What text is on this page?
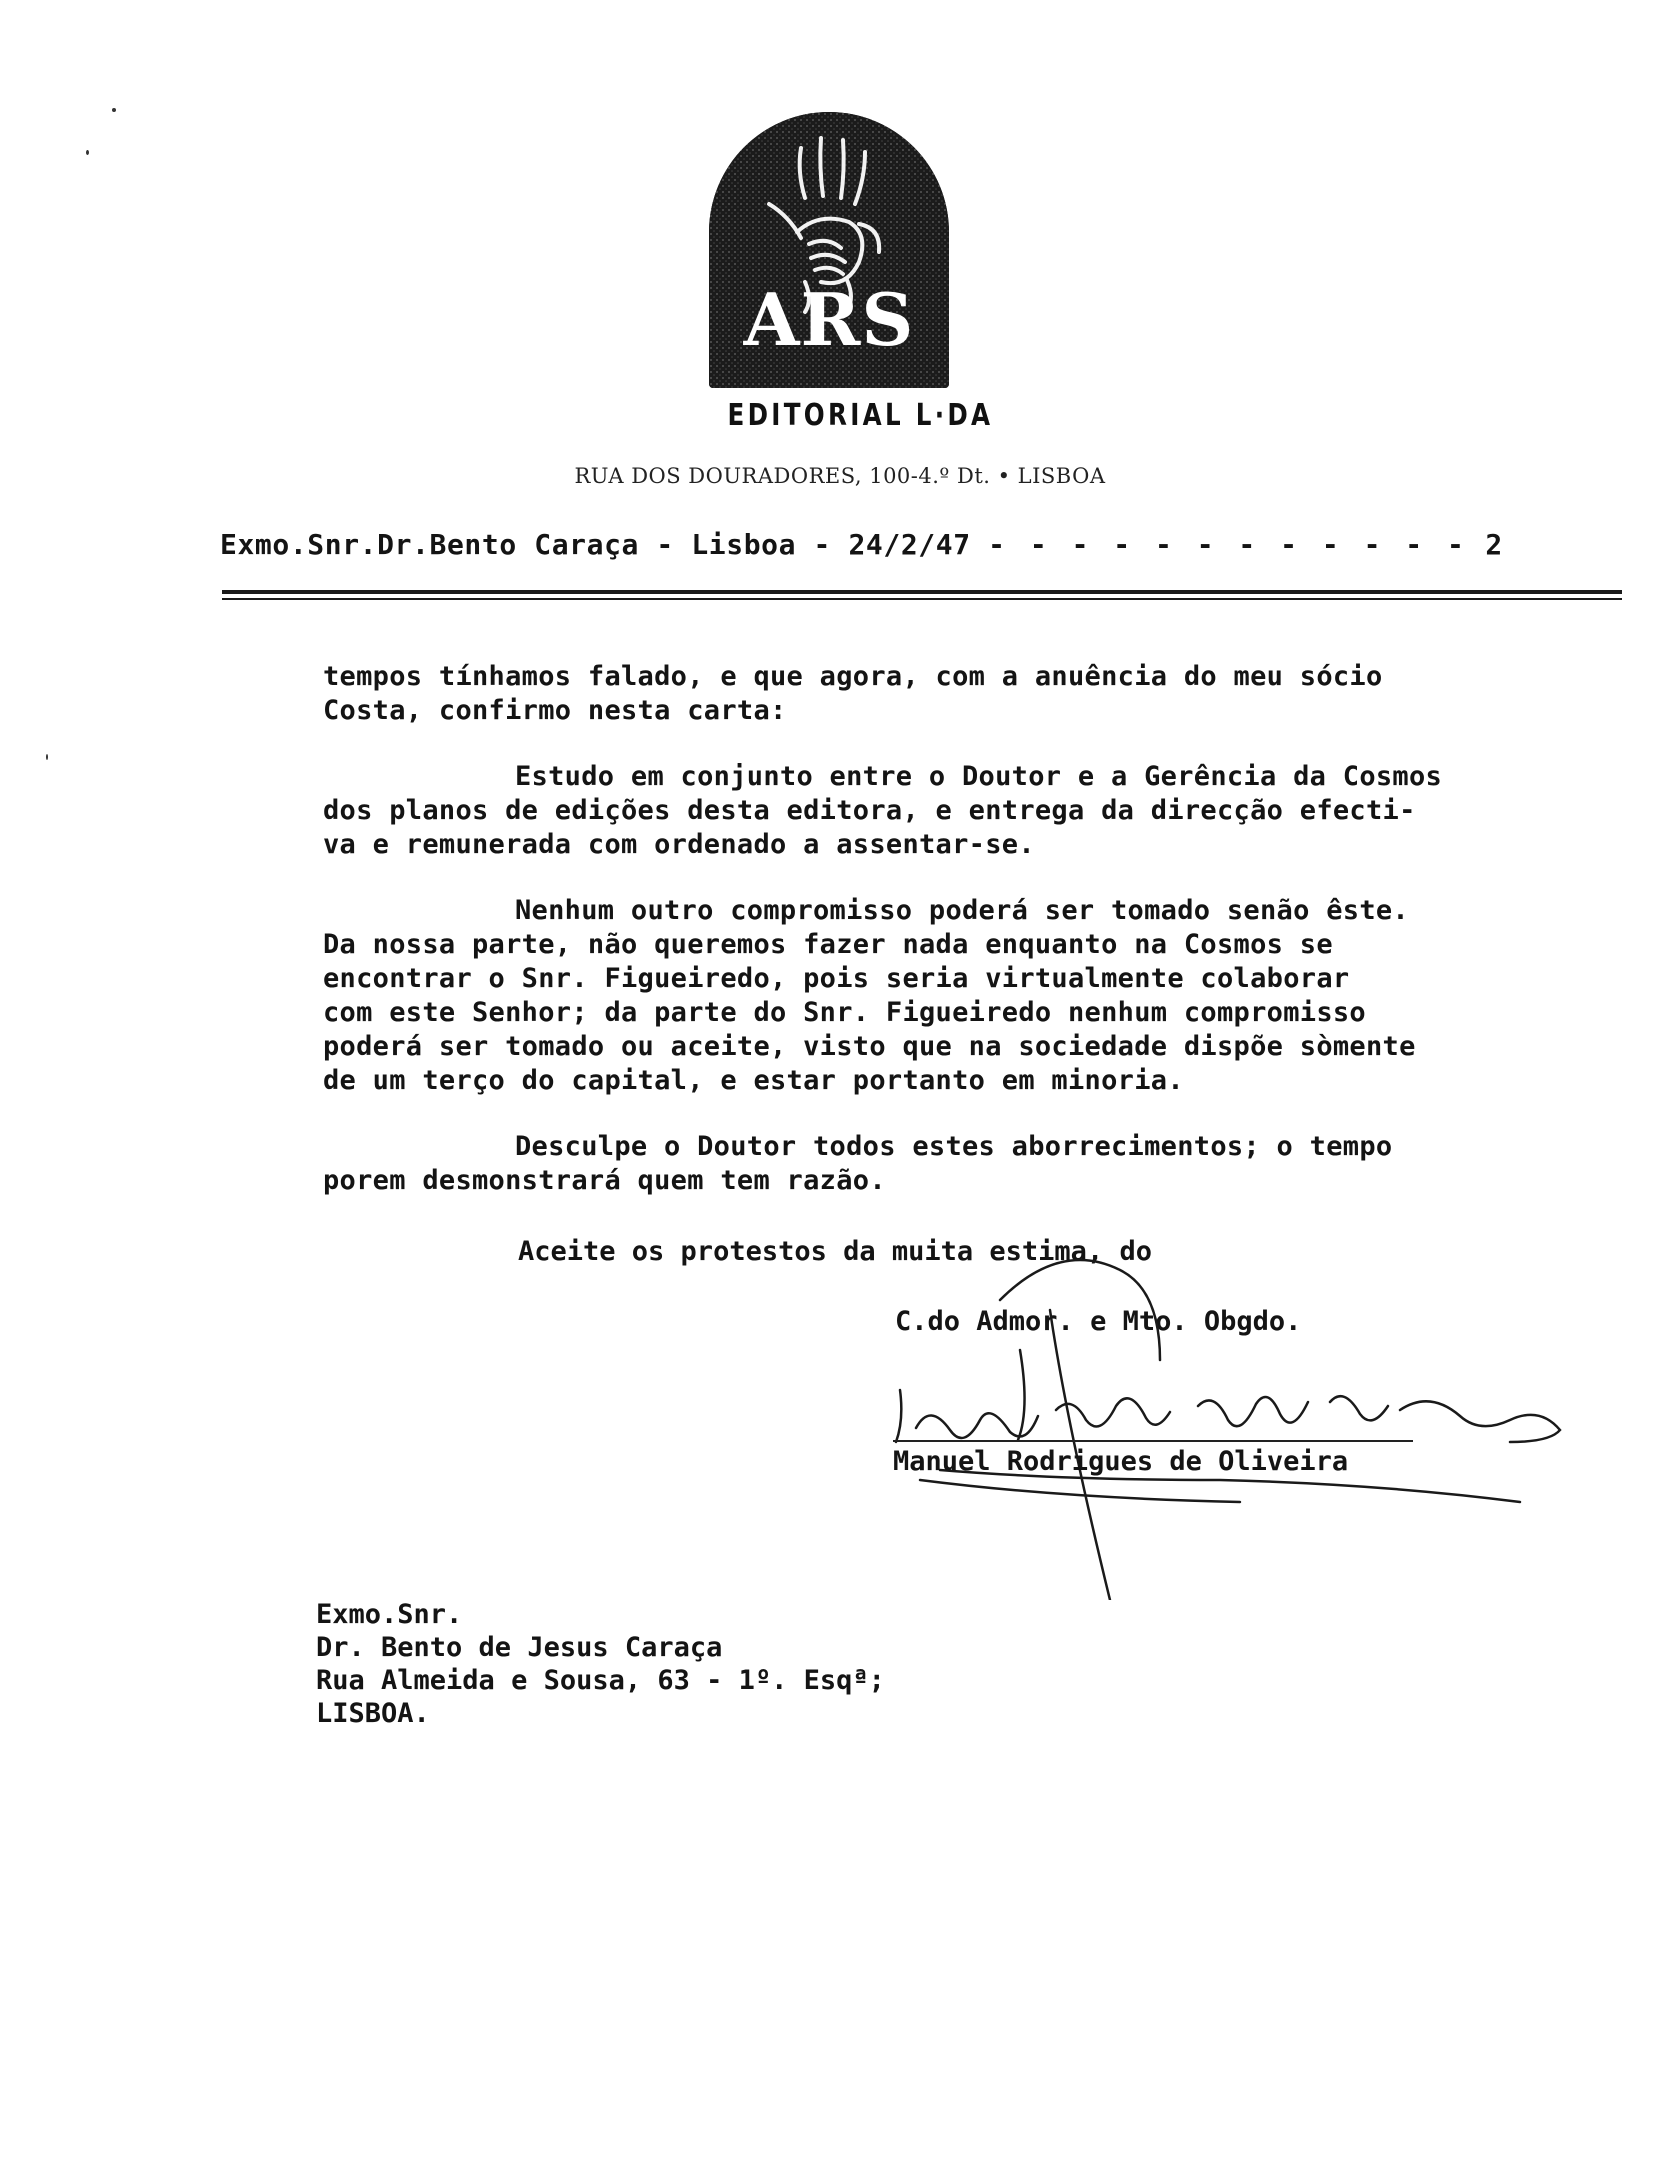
ARS
EDITORIAL L·DA
RUA DOS DOURADORES, 100-4.º Dt. • LISBOA
Exmo.Snr.Dr.Bento Caraça - Lisboa - 24/2/47 - - - - - - - - - - - - 2

tempos tínhamos falado, e que agora, com a anuência do meu sócio

Costa, confirmo nesta carta:

Estudo em conjunto entre o Doutor e a Gerência da Cosmos

dos planos de edições desta editora, e entrega da direcção efecti-

va e remunerada com ordenado a assentar-se.

Nenhum outro compromisso poderá ser tomado senão êste.

Da nossa parte, não queremos fazer nada enquanto na Cosmos se

encontrar o Snr. Figueiredo, pois seria virtualmente colaborar

com este Senhor; da parte do Snr. Figueiredo nenhum compromisso

poderá ser tomado ou aceite, visto que na sociedade dispõe sòmente

de um terço do capital, e estar portanto em minoria.

Desculpe o Doutor todos estes aborrecimentos; o tempo

porem desmonstrará quem tem razão.

Aceite os protestos da muita estima, do
C.do Admor. e Mto. Obgdo.
Manuel Rodrigues de Oliveira
Exmo.Snr.
Dr. Bento de Jesus Caraça
Rua Almeida e Sousa, 63 - 1º. Esqª;
LISBOA.
